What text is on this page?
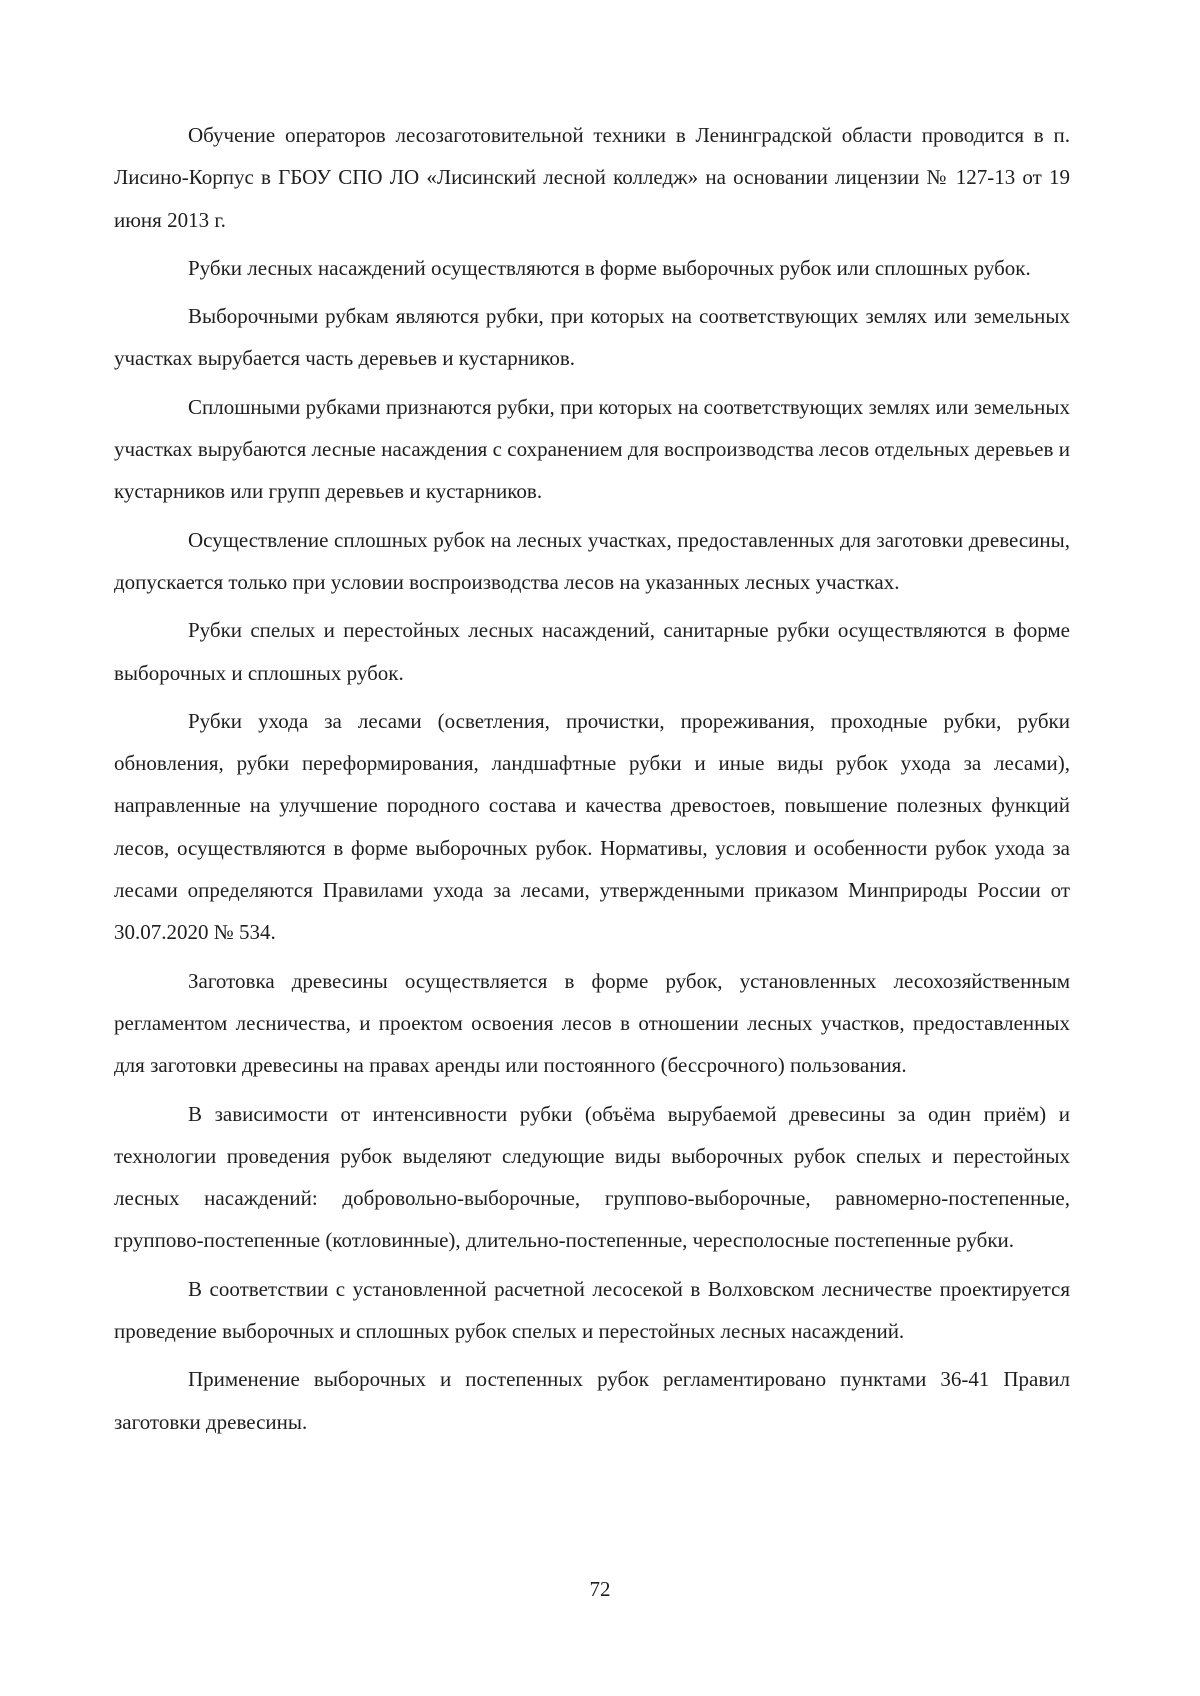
Обучение операторов лесозаготовительной техники в Ленинградской области проводится в п. Лисино-Корпус в ГБОУ СПО ЛО «Лисинский лесной колледж» на основании лицензии № 127-13 от 19 июня 2013 г.

Рубки лесных насаждений осуществляются в форме выборочных рубок или сплошных рубок.

Выборочными рубкам являются рубки, при которых на соответствующих землях или земельных участках вырубается часть деревьев и кустарников.

Сплошными рубками признаются рубки, при которых на соответствующих землях или земельных участках вырубаются лесные насаждения с сохранением для воспроизводства лесов отдельных деревьев и кустарников или групп деревьев и кустарников.

Осуществление сплошных рубок на лесных участках, предоставленных для заготовки древесины, допускается только при условии воспроизводства лесов на указанных лесных участках.

Рубки спелых и перестойных лесных насаждений, санитарные рубки осуществляются в форме выборочных и сплошных рубок.

Рубки ухода за лесами (осветления, прочистки, прореживания, проходные рубки, рубки обновления, рубки переформирования, ландшафтные рубки и иные виды рубок ухода за лесами), направленные на улучшение породного состава и качества древостоев, повышение полезных функций лесов, осуществляются в форме выборочных рубок. Нормативы, условия и особенности рубок ухода за лесами определяются Правилами ухода за лесами, утвержденными приказом Минприроды России от 30.07.2020 № 534.

Заготовка древесины осуществляется в форме рубок, установленных лесохозяйственным регламентом лесничества, и проектом освоения лесов в отношении лесных участков, предоставленных для заготовки древесины на правах аренды или постоянного (бессрочного) пользования.

В зависимости от интенсивности рубки (объёма вырубаемой древесины за один приём) и технологии проведения рубок выделяют следующие виды выборочных рубок спелых и перестойных лесных насаждений: добровольно-выборочные, группово-выборочные, равномерно-постепенные, группово-постепенные (котловинные), длительно-постепенные, чересполосные постепенные рубки.

В соответствии с установленной расчетной лесосекой в Волховском лесничестве проектируется проведение выборочных и сплошных рубок спелых и перестойных лесных насаждений.

Применение выборочных и постепенных рубок регламентировано пунктами 36-41 Правил заготовки древесины.

72
